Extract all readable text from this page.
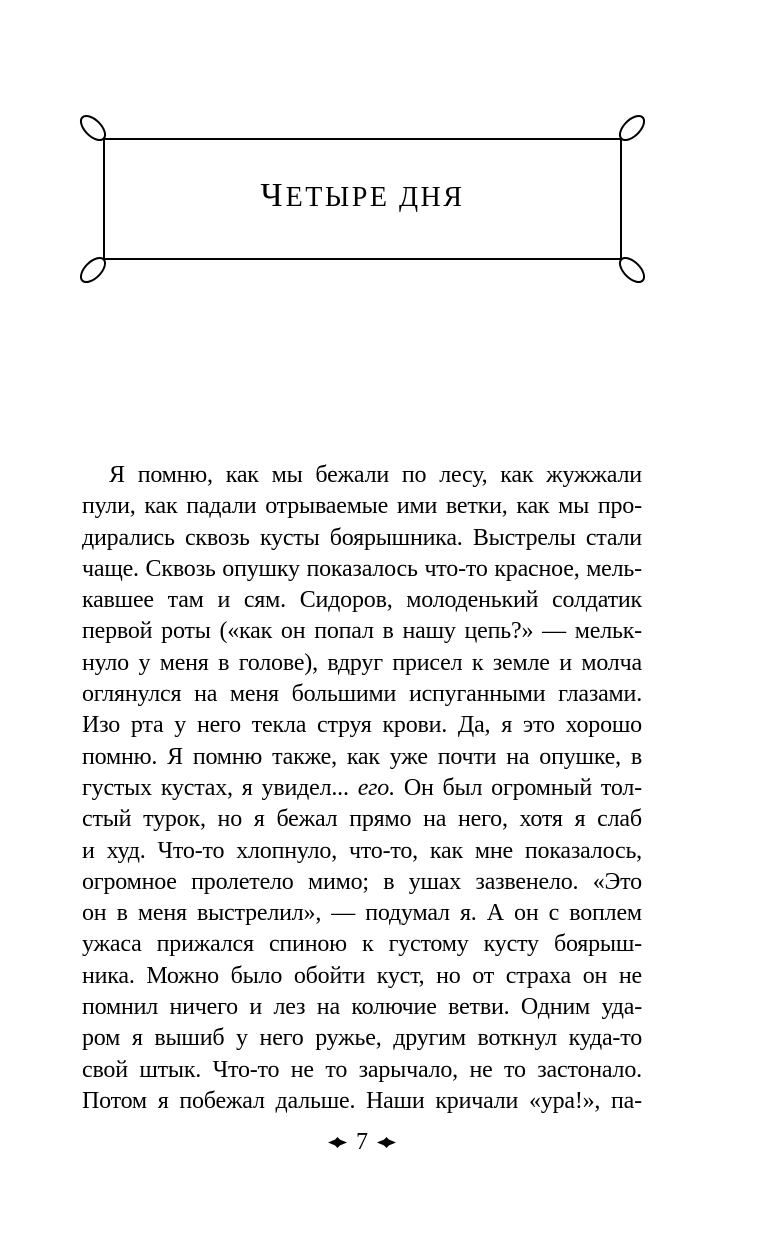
ЧЕТЫРЕ ДНЯ
Я помню, как мы бежали по лесу, как жужжали
пули, как падали отрываемые ими ветки, как мы про-
дирались сквозь кусты боярышника. Выстрелы стали
чаще. Сквозь опушку показалось что-то красное, мель-
кавшее там и сям. Сидоров, молоденький солдатик
первой роты («как он попал в нашу цепь?» — мельк-
нуло у меня в голове), вдруг присел к земле и молча
оглянулся на меня большими испуганными глазами.
Изо рта у него текла струя крови. Да, я это хорошо
помню. Я помню также, как уже почти на опушке, в
густых кустах, я увидел... его. Он был огромный тол-
стый турок, но я бежал прямо на него, хотя я слаб
и худ. Что-то хлопнуло, что-то, как мне показалось,
огромное пролетело мимо; в ушах зазвенело. «Это
он в меня выстрелил», — подумал я. А он с воплем
ужаса прижался спиною к густому кусту боярыш-
ника. Можно было обойти куст, но от страха он не
помнил ничего и лез на колючие ветви. Одним уда-
ром я вышиб у него ружье, другим воткнул куда-то
свой штык. Что-то не то зарычало, не то застонало.
Потом я побежал дальше. Наши кричали «ура!», па-
7
